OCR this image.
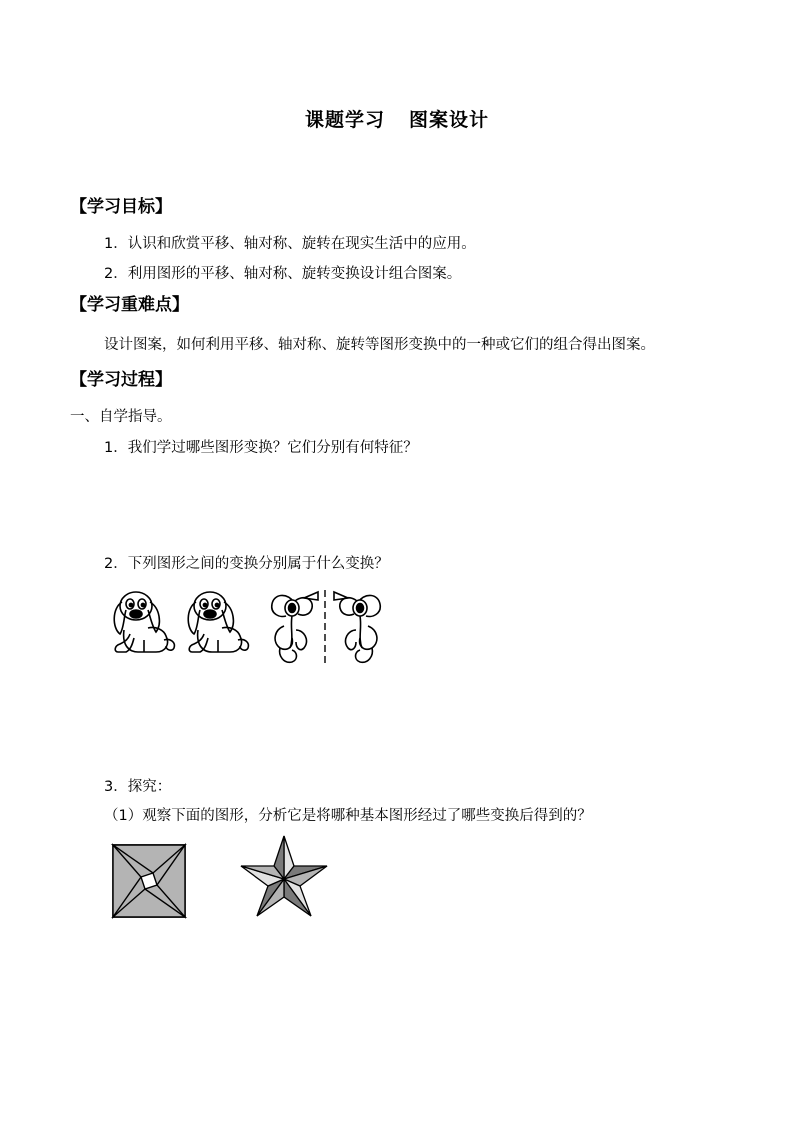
课题学习 图案设计
【学习目标】
1．认识和欣赏平移、轴对称、旋转在现实生活中的应用。
2．利用图形的平移、轴对称、旋转变换设计组合图案。
【学习重难点】
设计图案，如何利用平移、轴对称、旋转等图形变换中的一种或它们的组合得出图案。
【学习过程】
一、自学指导。
1．我们学过哪些图形变换？它们分别有何特征？
2．下列图形之间的变换分别属于什么变换？
3．探究：
（1）观察下面的图形，分析它是将哪种基本图形经过了哪些变换后得到的？
